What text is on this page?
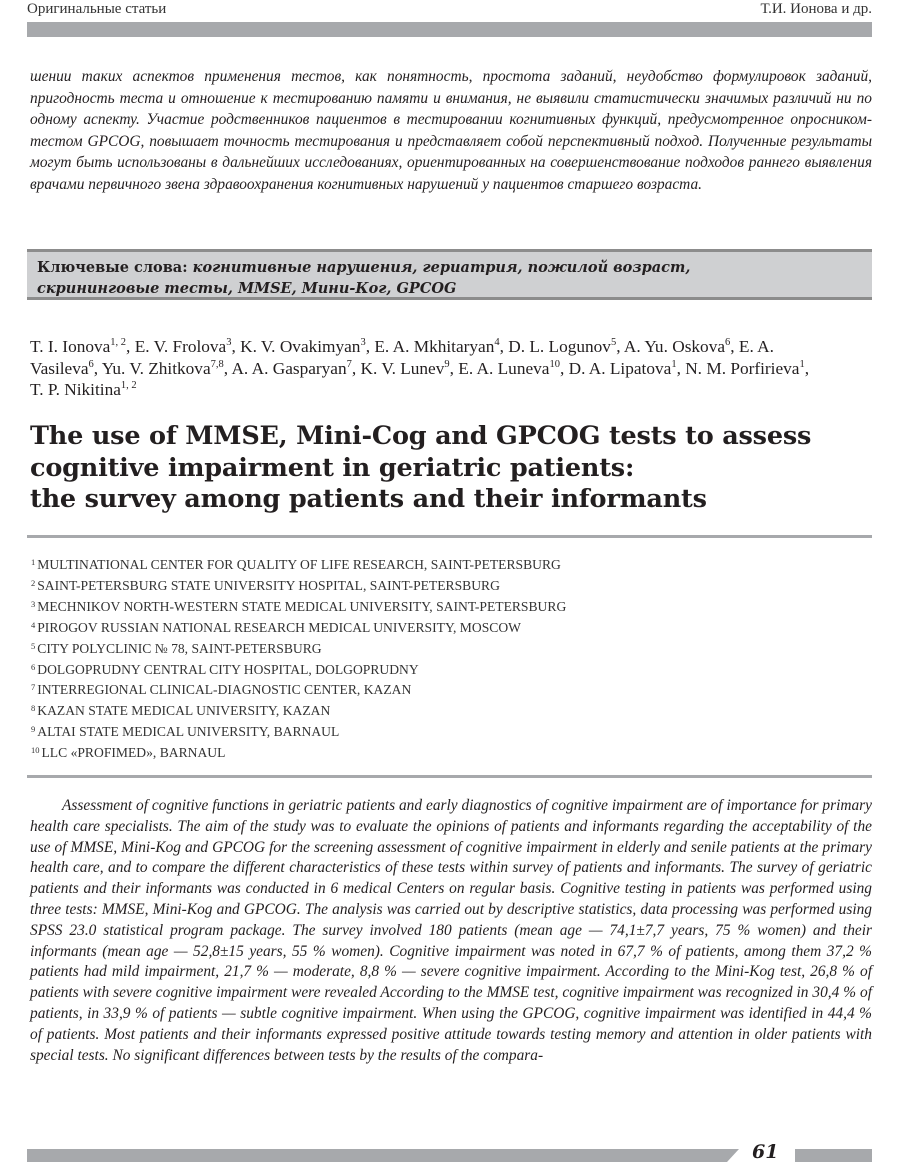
Оригинальные статьи	Т.И. Ионова и др.

шении таких аспектов применения тестов, как понятность, простота заданий, неудобство формулировок заданий, пригодность теста и отношение к тестированию памяти и внимания, не выявили статистически значимых различий ни по одному аспекту. Участие родственников пациентов в тестировании когнитивных функций, предусмотренное опросником-тестом GPCOG, повышает точность тестирования и представляет собой перспективный подход. Полученные результаты могут быть использованы в дальнейших исследованиях, ориентированных на совершенствование подходов раннего выявления врачами первичного звена здравоохранения когнитивных нарушений у пациентов старшего возраста.

Ключевые слова: когнитивные нарушения, гериатрия, пожилой возраст, скрининговые тесты, MMSE, Мини-Ког, GPCOG

T. I. Ionova$^{1, 2}$, E. V. Frolova$^3$, K. V. Ovakimyan$^3$, E. A. Mkhitaryan$^4$, D. L. Logunov$^5$, A. Yu. Oskova$^6$, E. A. Vasileva$^6$, Yu. V. Zhitkova$^{7,8}$, A. A. Gasparyan$^7$, K. V. Lunev$^9$, E. A. Luneva$^{10}$, D. A. Lipatova$^1$, N. M. Porfirieva$^1$, T. P. Nikitina$^{1, 2}$
The use of MMSE, Mini-Cog and GPCOG tests to assess
cognitive impairment in geriatric patients:
the survey among patients and their informants
$^1$ MULTINATIONAL CENTER FOR QUALITY OF LIFE RESEARCH, SAINT-PETERSBURG
$^2$ SAINT-PETERSBURG STATE UNIVERSITY HOSPITAL, SAINT-PETERSBURG
$^3$ MECHNIKOV NORTH-WESTERN STATE MEDICAL UNIVERSITY, SAINT-PETERSBURG
$^4$ PIROGOV RUSSIAN NATIONAL RESEARCH MEDICAL UNIVERSITY, MOSCOW
$^5$ CITY POLYCLINIC № 78, SAINT-PETERSBURG
$^6$ DOLGOPRUDNY CENTRAL CITY HOSPITAL, DOLGOPRUDNY
$^7$ INTERREGIONAL CLINICAL-DIAGNOSTIC CENTER, KAZAN
$^8$ KAZAN STATE MEDICAL UNIVERSITY, KAZAN
$^9$ ALTAI STATE MEDICAL UNIVERSITY, BARNAUL
$^{10}$ LLC «PROFIMED», BARNAUL

Assessment of cognitive functions in geriatric patients and early diagnostics of cognitive impairment are of importance for primary health care specialists. The aim of the study was to evaluate the opinions of patients and informants regarding the acceptability of the use of MMSE, Mini-Kog and GPCOG for the screening assessment of cognitive impairment in elderly and senile patients at the primary health care, and to compare the different characteristics of these tests within survey of patients and informants. The survey of geriatric patients and their informants was conducted in 6 medical Centers on regular basis. Cognitive testing in patients was performed using three tests: MMSE, Mini-Kog and GPCOG. The analysis was carried out by descriptive statistics, data processing was performed using SPSS 23.0 statistical program package. The survey involved 180 patients (mean age — 74,1±7,7 years, 75 % women) and their informants (mean age — 52,8±15 years, 55 % women). Cognitive impairment was noted in 67,7 % of patients, among them 37,2 % patients had mild impairment, 21,7 % — moderate, 8,8 % — severe cognitive impairment. According to the Mini-Kog test, 26,8 % of patients with severe cognitive impairment were revealed According to the MMSE test, cognitive impairment was recognized in 30,4 % of patients, in 33,9 % of patients — subtle cognitive impairment. When using the GPCOG, cognitive impairment was identified in 44,4 % of patients. Most patients and their informants expressed positive attitude towards testing memory and attention in older patients with special tests. No significant differences between tests by the results of the compara-

61
